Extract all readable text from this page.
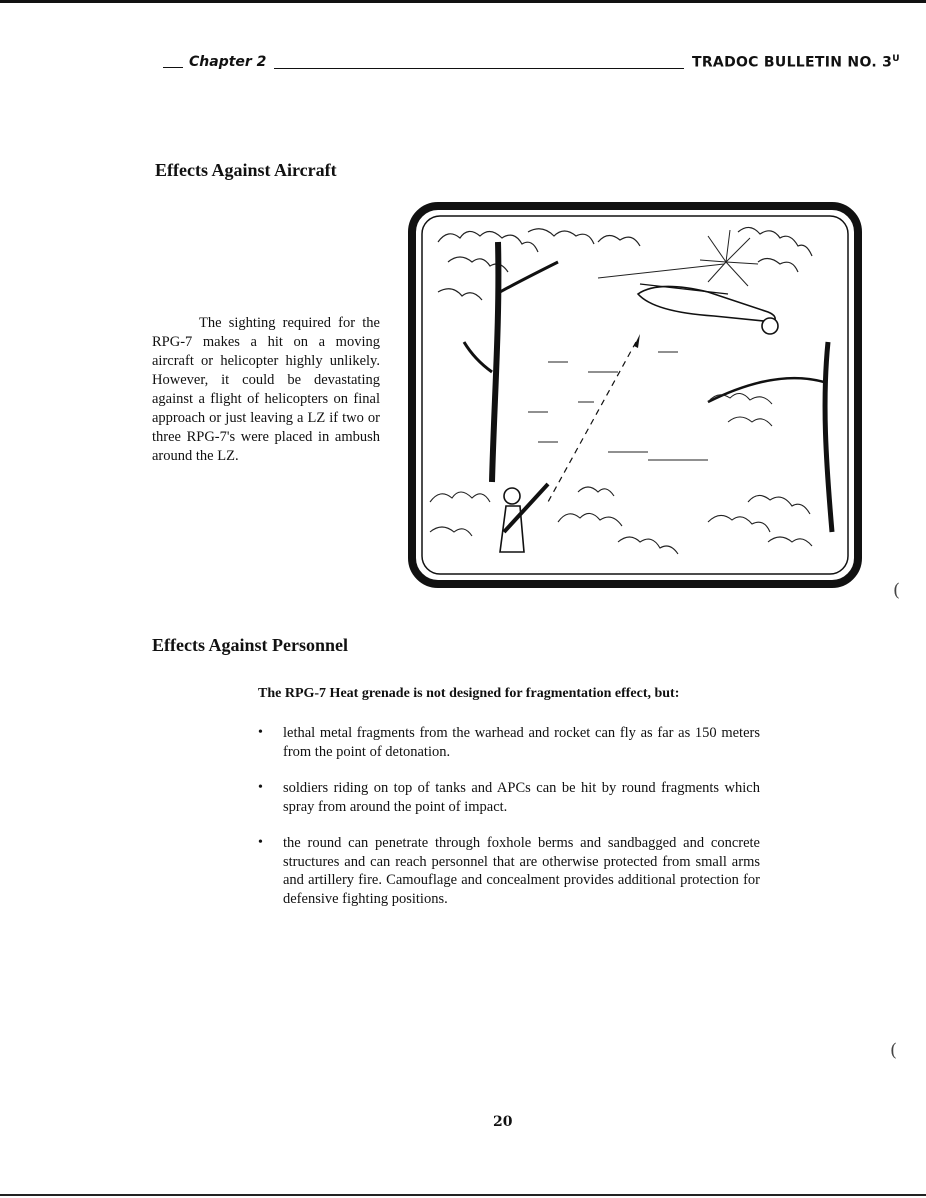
Chapter 2	TRADOC BULLETIN NO. $3^U$
Effects Against Aircraft

The sighting required for the RPG-7 makes a hit on a moving aircraft or helicopter highly unlikely. However, it could be devastating against a flight of helicopters on final approach or just leaving a LZ if two or three RPG-7's were placed in ambush around the LZ.

Effects Against Personnel
The RPG-7 Heat grenade is not designed for fragmentation effect, but:
• lethal metal fragments from the warhead and rocket can fly as far as 150 meters from the point of detonation.
• soldiers riding on top of tanks and APCs can be hit by round fragments which spray from around the point of impact.
• the round can penetrate through foxhole berms and sandbagged and concrete structures and can reach personnel that are otherwise protected from small arms and artillery fire. Camouflage and concealment provides additional protection for defensive fighting positions.
20
(
(
